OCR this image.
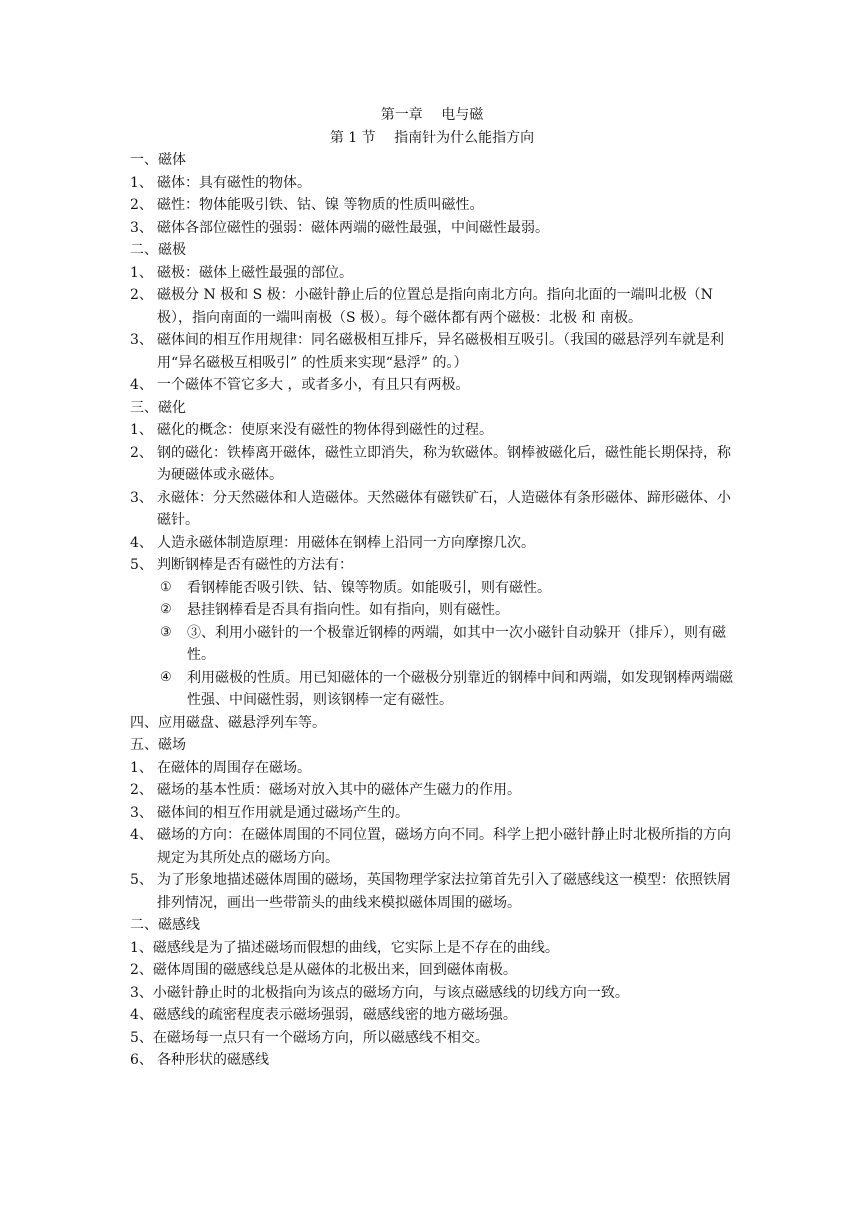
第一章　 电与磁

第 1 节　 指南针为什么能指方向

一、磁体

1、 磁体：具有磁性的物体。

2、 磁性：物体能吸引铁、钴、镍 等物质的性质叫磁性。

3、 磁体各部位磁性的强弱：磁体两端的磁性最强，中间磁性最弱。

二、磁极

1、 磁极：磁体上磁性最强的部位。

2、 磁极分 N 极和 S 极：小磁针静止后的位置总是指向南北方向。指向北面的一端叫北极（N 极），指向南面的一端叫南极（S 极）。每个磁体都有两个磁极：北极 和 南极。

3、 磁体间的相互作用规律：同名磁极相互排斥，异名磁极相互吸引。（我国的磁悬浮列车就是利用“异名磁极互相吸引” 的性质来实现“悬浮” 的。）

4、 一个磁体不管它多大 ，或者多小，有且只有两极。

三、磁化

1、 磁化的概念：使原来没有磁性的物体得到磁性的过程。

2、 钢的磁化：铁棒离开磁体，磁性立即消失，称为软磁体。钢棒被磁化后，磁性能长期保持，称为硬磁体或永磁体。

3、 永磁体：分天然磁体和人造磁体。天然磁体有磁铁矿石，人造磁体有条形磁体、蹄形磁体、小磁针。

4、 人造永磁体制造原理：用磁体在钢棒上沿同一方向摩擦几次。

5、 判断钢棒是否有磁性的方法有：

① 看钢棒能否吸引铁、钴、镍等物质。如能吸引，则有磁性。

② 悬挂钢棒看是否具有指向性。如有指向，则有磁性。

③ ③、利用小磁针的一个极靠近钢棒的两端，如其中一次小磁针自动躲开（排斥），则有磁性。

④ 利用磁极的性质。用已知磁体的一个磁极分别靠近的钢棒中间和两端，如发现钢棒两端磁性强、中间磁性弱，则该钢棒一定有磁性。

四、应用磁盘、磁悬浮列车等。

五、磁场

1、 在磁体的周围存在磁场。

2、 磁场的基本性质：磁场对放入其中的磁体产生磁力的作用。

3、 磁体间的相互作用就是通过磁场产生的。

4、 磁场的方向：在磁体周围的不同位置，磁场方向不同。科学上把小磁针静止时北极所指的方向规定为其所处点的磁场方向。

5、 为了形象地描述磁体周围的磁场，英国物理学家法拉第首先引入了磁感线这一模型：依照铁屑排列情况，画出一些带箭头的曲线来模拟磁体周围的磁场。

二、磁感线

1、磁感线是为了描述磁场而假想的曲线，它实际上是不存在的曲线。

2、磁体周围的磁感线总是从磁体的北极出来，回到磁体南极。

3、小磁针静止时的北极指向为该点的磁场方向，与该点磁感线的切线方向一致。

4、磁感线的疏密程度表示磁场强弱，磁感线密的地方磁场强。

5、在磁场每一点只有一个磁场方向，所以磁感线不相交。

6、 各种形状的磁感线
